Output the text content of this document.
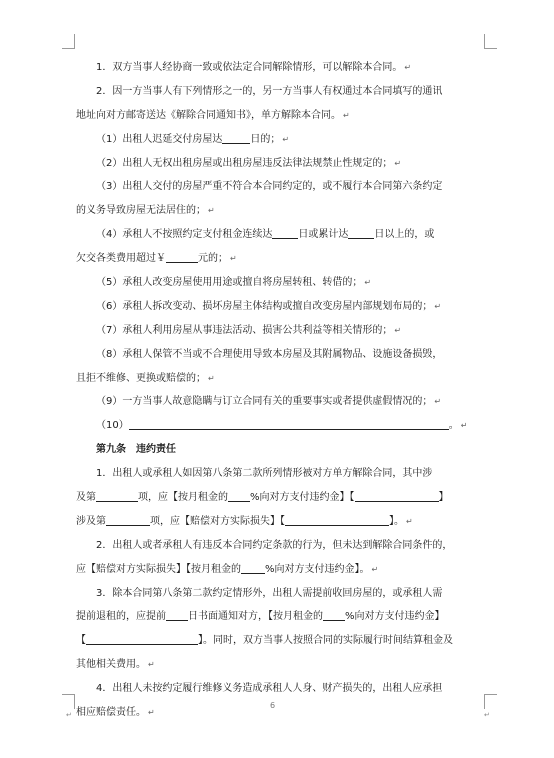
↵	↵
1．双方当事人经协商一致或依法定合同解除情形，可以解除本合同。 ↵
2．因一方当事人有下列情形之一的，另一方当事人有权通过本合同填写的通讯
地址向对方邮寄送达《解除合同通知书》，单方解除本合同。 ↵
（1）出租人迟延交付房屋达	日的； ↵
（2）出租人无权出租房屋或出租房屋违反法律法规禁止性规定的； ↵
（3）出租人交付的房屋严重不符合本合同约定的，或不履行本合同第六条约定
的义务导致房屋无法居住的； ↵
（4）承租人不按照约定支付租金连续达	日或累计达	日以上的，或
欠交各类费用超过￥	元的； ↵
（5）承租人改变房屋使用用途或擅自将房屋转租、转借的； ↵
（6）承租人拆改变动、损坏房屋主体结构或擅自改变房屋内部规划布局的； ↵
（7）承租人利用房屋从事违法活动、损害公共利益等相关情形的； ↵
（8）承租人保管不当或不合理使用导致本房屋及其附属物品、设施设备损毁，
且拒不维修、更换或赔偿的； ↵
（9）一方当事人故意隐瞒与订立合同有关的重要事实或者提供虚假情况的； ↵
（10）	。 ↵
第九条 违约责任
1．出租人或承租人如因第八条第二款所列情形被对方单方解除合同，其中涉
及第	项，应【按月租金的 %向对方支付违约金】【	】
涉及第	项，应【赔偿对方实际损失】【	】。 ↵
2．出租人或者承租人有违反本合同约定条款的行为，但未达到解除合同条件的，
应【赔偿对方实际损失】【按月租金的 %向对方支付违约金】。 ↵
3．除本合同第八条第二款约定情形外，出租人需提前收回房屋的，或承租人需
提前退租的，应提前 日书面通知对方，【按月租金的 %向对方支付违约金】
【	】。同时，双方当事人按照合同的实际履行时间结算租金及
其他相关费用。 ↵
4．出租人未按约定履行维修义务造成承租人人身、财产损失的，出租人应承担
相应赔偿责任。 ↵
6
